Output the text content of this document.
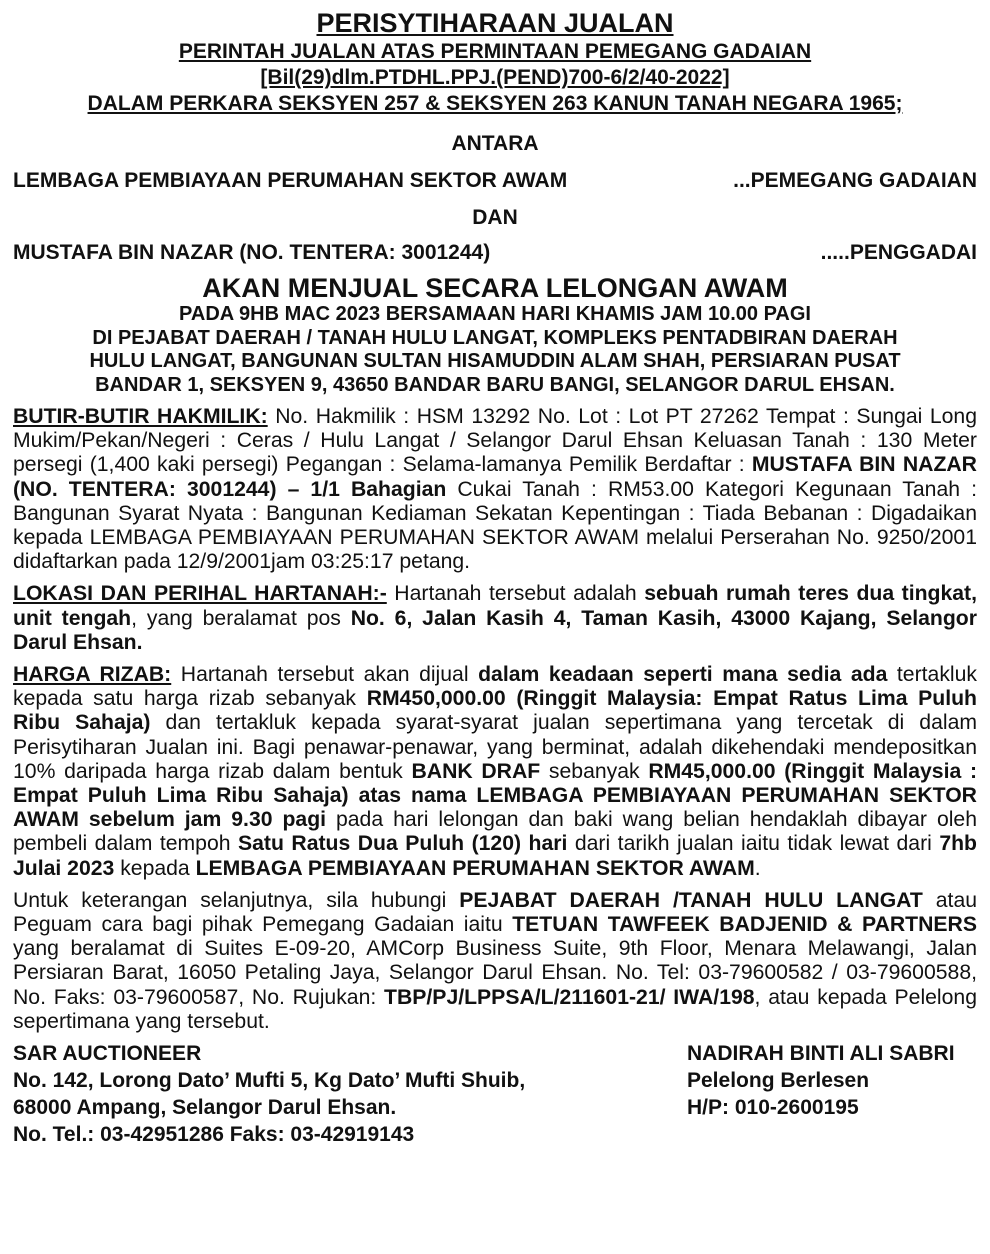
PERISYTIHARAAN JUALAN
PERINTAH JUALAN ATAS PERMINTAAN PEMEGANG GADAIAN
[Bil(29)dlm.PTDHL.PPJ.(PEND)700-6/2/40-2022]
DALAM PERKARA SEKSYEN 257 & SEKSYEN 263 KANUN TANAH NEGARA 1965;
ANTARA
LEMBAGA PEMBIAYAAN PERUMAHAN SEKTOR AWAM	...PEMEGANG GADAIAN
DAN
MUSTAFA BIN NAZAR (NO. TENTERA: 3001244)	.....PENGGADAI
AKAN MENJUAL SECARA LELONGAN AWAM
PADA 9HB MAC 2023 BERSAMAAN HARI KHAMIS JAM 10.00 PAGI
DI PEJABAT DAERAH / TANAH HULU LANGAT, KOMPLEKS PENTADBIRAN DAERAH
HULU LANGAT, BANGUNAN SULTAN HISAMUDDIN ALAM SHAH, PERSIARAN PUSAT
BANDAR 1, SEKSYEN 9, 43650 BANDAR BARU BANGI, SELANGOR DARUL EHSAN.
BUTIR-BUTIR HAKMILIK: No. Hakmilik : HSM 13292 No. Lot : Lot PT 27262 Tempat : Sungai Long Mukim/Pekan/Negeri : Ceras / Hulu Langat / Selangor Darul Ehsan Keluasan Tanah : 130 Meter persegi (1,400 kaki persegi) Pegangan : Selama-lamanya Pemilik Berdaftar : MUSTAFA BIN NAZAR (NO. TENTERA: 3001244) – 1/1 Bahagian Cukai Tanah : RM53.00 Kategori Kegunaan Tanah : Bangunan Syarat Nyata : Bangunan Kediaman Sekatan Kepentingan : Tiada Bebanan : Digadaikan kepada LEMBAGA PEMBIAYAAN PERUMAHAN SEKTOR AWAM melalui Perserahan No. 9250/2001 didaftarkan pada 12/9/2001jam 03:25:17 petang.
LOKASI DAN PERIHAL HARTANAH:- Hartanah tersebut adalah sebuah rumah teres dua tingkat, unit tengah, yang beralamat pos No. 6, Jalan Kasih 4, Taman Kasih, 43000 Kajang, Selangor Darul Ehsan.
HARGA RIZAB: Hartanah tersebut akan dijual dalam keadaan seperti mana sedia ada tertakluk kepada satu harga rizab sebanyak RM450,000.00 (Ringgit Malaysia: Empat Ratus Lima Puluh Ribu Sahaja) dan tertakluk kepada syarat-syarat jualan sepertimana yang tercetak di dalam Perisytiharan Jualan ini. Bagi penawar-penawar, yang berminat, adalah dikehendaki mendepositkan 10% daripada harga rizab dalam bentuk BANK DRAF sebanyak RM45,000.00 (Ringgit Malaysia : Empat Puluh Lima Ribu Sahaja) atas nama LEMBAGA PEMBIAYAAN PERUMAHAN SEKTOR AWAM sebelum jam 9.30 pagi pada hari lelongan dan baki wang belian hendaklah dibayar oleh pembeli dalam tempoh Satu Ratus Dua Puluh (120) hari dari tarikh jualan iaitu tidak lewat dari 7hb Julai 2023 kepada LEMBAGA PEMBIAYAAN PERUMAHAN SEKTOR AWAM.
Untuk keterangan selanjutnya, sila hubungi PEJABAT DAERAH /TANAH HULU LANGAT atau Peguam cara bagi pihak Pemegang Gadaian iaitu TETUAN TAWFEEK BADJENID & PARTNERS yang beralamat di Suites E-09-20, AMCorp Business Suite, 9th Floor, Menara Melawangi, Jalan Persiaran Barat, 16050 Petaling Jaya, Selangor Darul Ehsan. No. Tel: 03-79600582 / 03-79600588, No. Faks: 03-79600587, No. Rujukan: TBP/PJ/LPPSA/L/211601-21/ IWA/198, atau kepada Pelelong sepertimana yang tersebut.
SAR AUCTIONEER
No. 142, Lorong Dato’ Mufti 5, Kg Dato’ Mufti Shuib,
68000 Ampang, Selangor Darul Ehsan.
No. Tel.: 03-42951286 Faks: 03-42919143
NADIRAH BINTI ALI SABRI
Pelelong Berlesen
H/P: 010-2600195
